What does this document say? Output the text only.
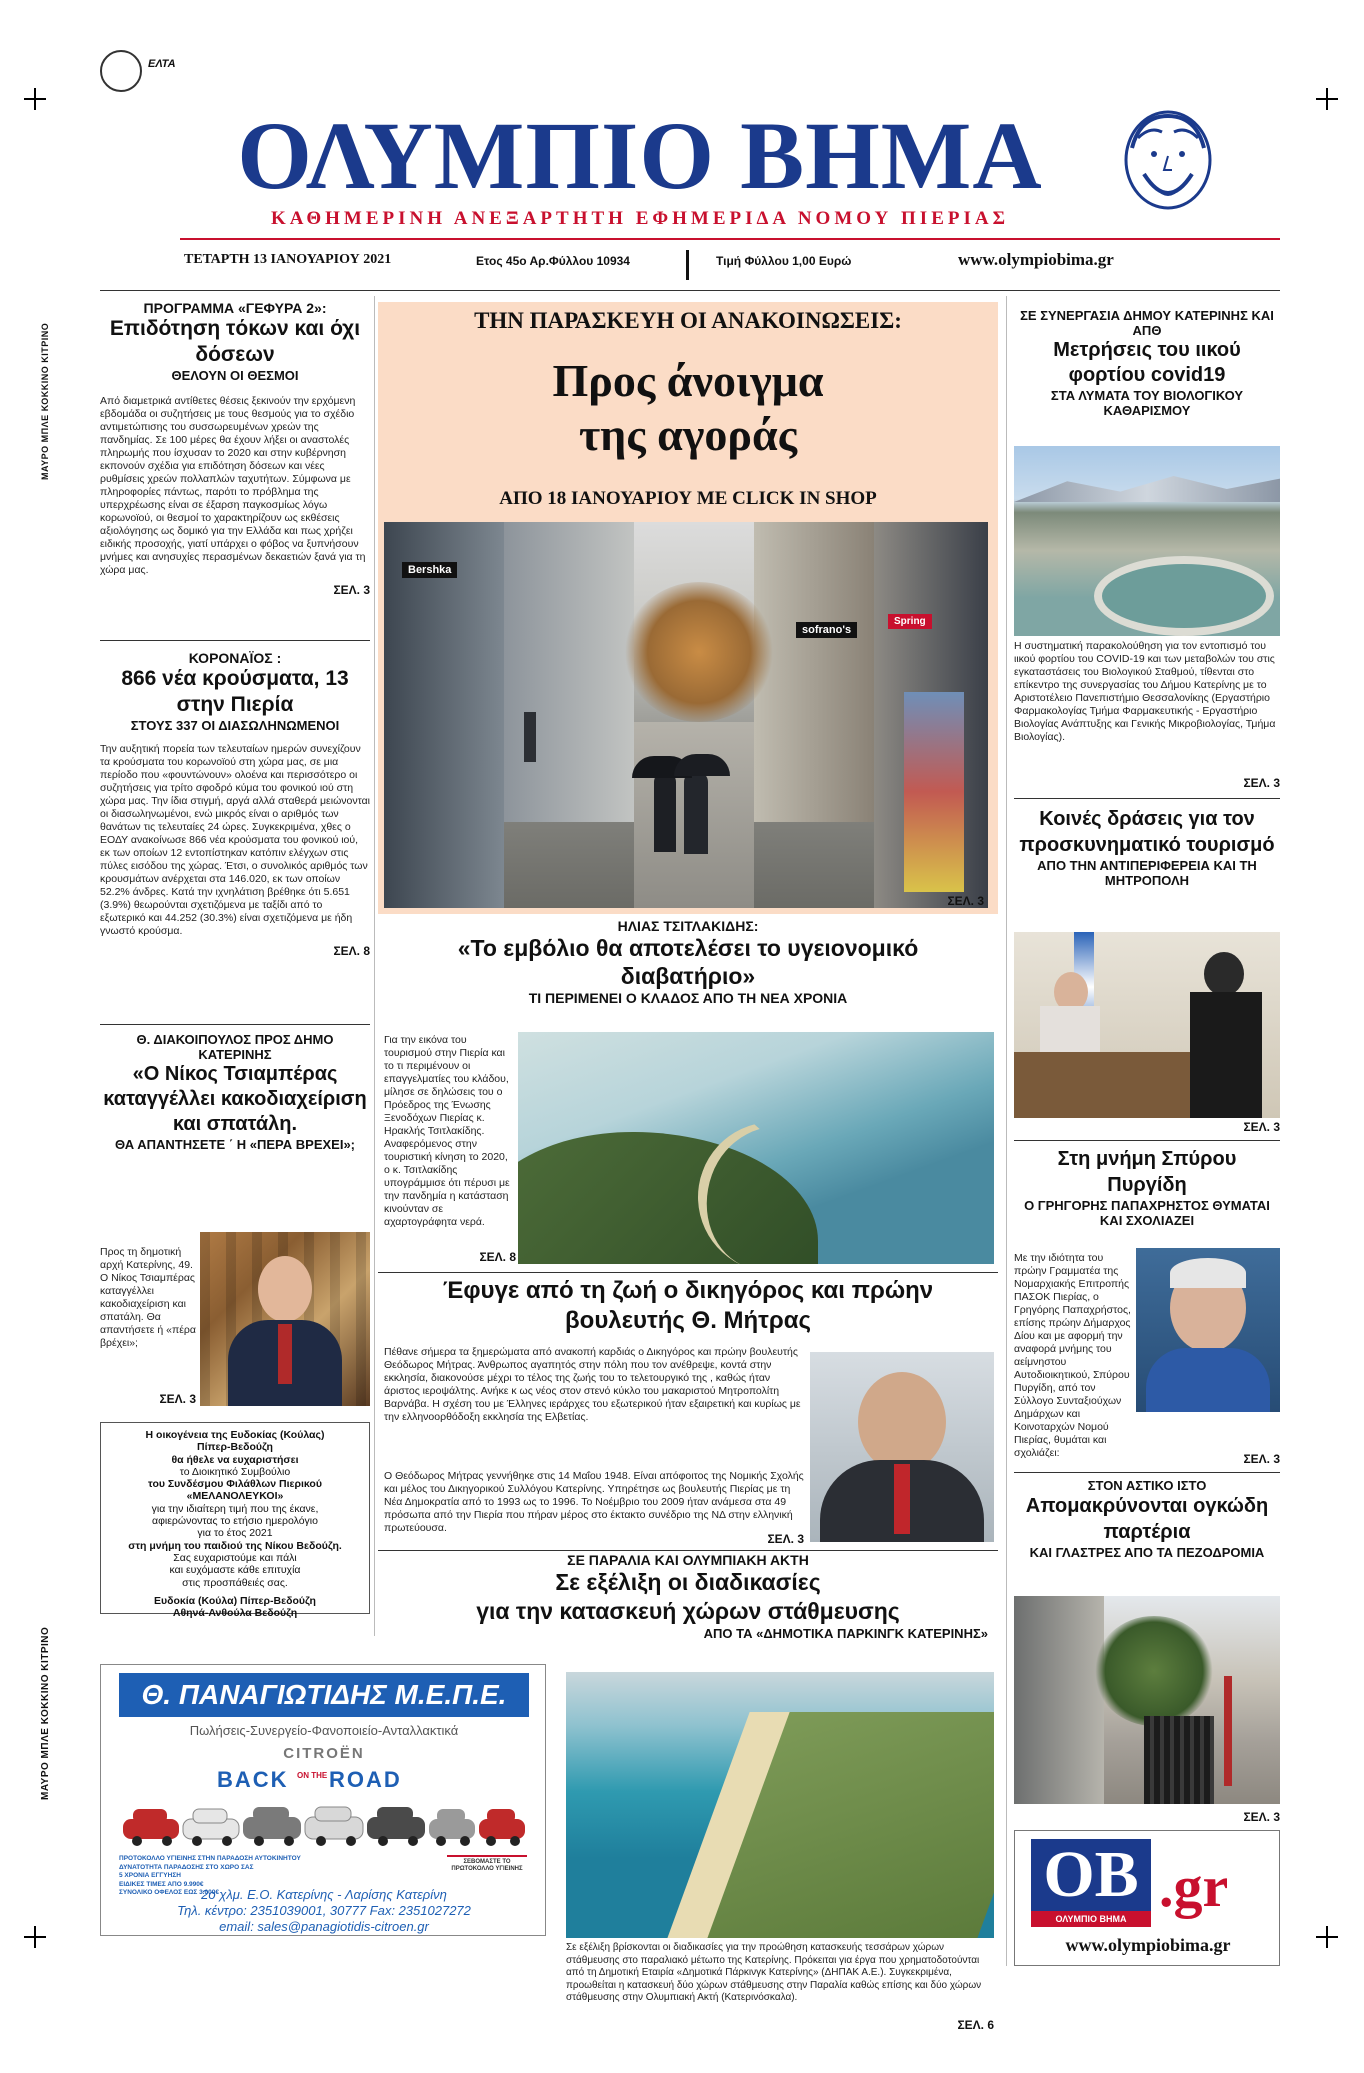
ΜΑΥΡΟ ΜΠΛΕ ΚΟΚΚΙΝΟ ΚΙΤΡΙΝΟ
ΜΑΥΡΟ ΜΠΛΕ ΚΟΚΚΙΝΟ ΚΙΤΡΙΝΟ
ΕΛΤΑ
ΟΛΥΜΠΙΟ ΒΗΜΑ
ΚΑΘΗΜΕΡΙΝΗ ΑΝΕΞΑΡΤΗΤΗ ΕΦΗΜΕΡΙΔΑ ΝΟΜΟΥ ΠΙΕΡΙΑΣ
ΤΕΤΑΡΤΗ 13 ΙΑΝΟΥΑΡΙΟΥ 2021	Ετος 45ο Αρ.Φύλλου 10934	Τιμή Φύλλου 1,00 Ευρώ	www.olympiobima.gr
ΠΡΟΓΡΑΜΜΑ «ΓΕΦΥΡΑ 2»:
Επιδότηση τόκων και όχι δόσεων
ΘΕΛΟΥΝ ΟΙ ΘΕΣΜΟΙ
Από διαμετρικά αντίθετες θέσεις ξεκινούν την ερχόμενη εβδομάδα οι συζητήσεις με τους θεσμούς για το σχέδιο αντιμετώπισης του συσσωρευμένων χρεών της πανδημίας. Σε 100 μέρες θα έχουν λήξει οι αναστολές πληρωμής που ίσχυσαν το 2020 και στην κυβέρνηση εκπονούν σχέδια για επιδότηση δόσεων και νέες ρυθμίσεις χρεών πολλαπλών ταχυτήτων. Σύμφωνα με πληροφορίες πάντως, παρότι το πρόβλημα της υπερχρέωσης είναι σε έξαρση παγκοσμίως λόγω κορωνοϊού, οι θεσμοί το χαρακτηρίζουν ως εκθέσεις αξιολόγησης ως δομικό για την Ελλάδα και πως χρήζει ειδικής προσοχής, γιατί υπάρχει ο φόβος να ξυπνήσουν μνήμες και ανησυχίες περασμένων δεκαετιών ξανά για τη χώρα μας.
ΣΕΛ. 3
ΚΟΡΟΝΑΪΟΣ :
866 νέα κρούσματα, 13 στην Πιερία
ΣΤΟΥΣ 337 ΟΙ ΔΙΑΣΩΛΗΝΩΜΕΝΟΙ
Την αυξητική πορεία των τελευταίων ημερών συνεχίζουν τα κρούσματα του κορωνοϊού στη χώρα μας, σε μια περίοδο που «φουντώνουν» ολοένα και περισσότερο οι συζητήσεις για τρίτο σφοδρό κύμα του φονικού ιού στη χώρα μας. Την ίδια στιγμή, αργά αλλά σταθερά μειώνονται οι διασωληνωμένοι, ενώ μικρός είναι ο αριθμός των θανάτων τις τελευταίες 24 ώρες. Συγκεκριμένα, χθες ο ΕΟΔΥ ανακοίνωσε 866 νέα κρούσματα του φονικού ιού, εκ των οποίων 12 εντοπίστηκαν κατόπιν ελέγχων στις πύλες εισόδου της χώρας. Έτσι, ο συνολικός αριθμός των κρουσμάτων ανέρχεται στα 146.020, εκ των οποίων 52.2% άνδρες. Κατά την ιχνηλάτιση βρέθηκε ότι 5.651 (3.9%) θεωρούνται σχετιζόμενα με ταξίδι από το εξωτερικό και 44.252 (30.3%) είναι σχετιζόμενα με ήδη γνωστό κρούσμα.
ΣΕΛ. 8
Θ. ΔΙΑΚΟΙΠΟΥΛΟΣ ΠΡΟΣ ΔΗΜΟ ΚΑΤΕΡΙΝΗΣ
«Ο Νίκος Τσιαμπέρας καταγγέλλει κακοδιαχείριση και σπατάλη.
ΘΑ ΑΠΑΝΤΗΣΕΤΕ ΄ Η «ΠΕΡΑ ΒΡΕΧΕΙ»;
Προς τη δημοτική αρχή Κατερίνης, 49. Ο Νίκος Τσιαμπέρας καταγγέλλει κακοδιαχείριση και σπατάλη. Θα απαντήσετε ή «πέρα βρέχει»;
ΣΕΛ. 3
Η οικογένεια της Ευδοκίας (Κούλας)
Πίπερ-Βεδούζη
θα ήθελε να ευχαριστήσει
το Διοικητικό Συμβούλιο
του Συνδέσμου Φιλάθλων Πιερικού
«ΜΕΛΑΝΟΛΕΥΚΟΙ»
για την ιδιαίτερη τιμή που της έκανε,
αφιερώνοντας το ετήσιο ημερολόγιο
για το έτος 2021
στη μνήμη του παιδιού της Νίκου Βεδούζη.
Σας ευχαριστούμε και πάλι
και ευχόμαστε κάθε επιτυχία
στις προσπάθειές σας.
Ευδοκία (Κούλα) Πίπερ-Βεδούζη
Αθηνά-Ανθούλα Βεδούζη
Θ. ΠΑΝΑΓΙΩΤΙΔΗΣ Μ.Ε.Π.Ε.
Πωλήσεις-Συνεργείο-Φανοποιείο-Ανταλλακτικά
CITROËN
BACK ON THE ROAD
ΠΡΟΤΟΚΟΛΛΟ ΥΓΙΕΙΝΗΣ ΣΤΗΝ ΠΑΡΑΔΟΣΗ ΑΥΤΟΚΙΝΗΤΟΥ
ΔΥΝΑΤΟΤΗΤΑ ΠΑΡΑΔΟΣΗΣ ΣΤΟ ΧΩΡΟ ΣΑΣ
5 ΧΡΟΝΙΑ ΕΓΓΥΗΣΗ
ΕΙΔΙΚΕΣ ΤΙΜΕΣ ΑΠΟ 9.990€
ΣΥΝΟΛΙΚΟ ΟΦΕΛΟΣ ΕΩΣ 3.000€
ΣΕΒΟΜΑΣΤΕ ΤΟ ΠΡΩΤΟΚΟΛΛΟ ΥΓΙΕΙΝΗΣ
2ο χλμ. Ε.Ο. Κατερίνης - Λαρίσης Κατερίνη
Τηλ. κέντρο: 2351039001, 30777 Fax: 2351027272
email: sales@panagiotidis-citroen.gr
ΤΗΝ ΠΑΡΑΣΚΕΥΗ ΟΙ ΑΝΑΚΟΙΝΩΣΕΙΣ:
Προς άνοιγμα
της αγοράς
ΑΠΟ 18 ΙΑΝΟΥΑΡΙΟΥ ΜΕ CLICK IN SHOP
Bershka
sofrano's
Spring
ΣΕΛ. 3
ΗΛΙΑΣ ΤΣΙΤΛΑΚΙΔΗΣ:
«Το εμβόλιο θα αποτελέσει το υγειονομικό διαβατήριο»
ΤΙ ΠΕΡΙΜΕΝΕΙ Ο ΚΛΑΔΟΣ ΑΠΟ ΤΗ ΝΕΑ ΧΡΟΝΙΑ
Για την εικόνα του τουρισμού στην Πιερία και το τι περιμένουν οι επαγγελματίες του κλάδου, μίλησε σε δηλώσεις του ο Πρόεδρος της Ένωσης Ξενοδόχων Πιερίας κ. Ηρακλής Τσιτλακίδης. Αναφερόμενος στην τουριστική κίνηση το 2020, ο κ. Τσιτλακίδης υπογράμμισε ότι πέρυσι με την πανδημία η κατάσταση κινούνταν σε αχαρτογράφητα νερά.
ΣΕΛ. 8
Έφυγε από τη ζωή ο δικηγόρος και πρώην βουλευτής Θ. Μήτρας
Πέθανε σήμερα τα ξημερώματα από ανακοπή καρδιάς ο Δικηγόρος και πρώην βουλευτής Θεόδωρος Μήτρας. Άνθρωπος αγαπητός στην πόλη που τον ανέθρεψε, κοντά στην εκκλησία, διακονούσε μέχρι το τέλος της ζωής του το τελετουργικό της , καθώς ήταν άριστος ιεροψάλτης. Ανήκε κ ως νέος στον στενό κύκλο του μακαριστού Μητροπολίτη Βαρνάβα. Η σχέση του με Έλληνες ιεράρχες του εξωτερικού ήταν εξαιρετική και κυρίως με την ελληνοορθόδοξη εκκλησία της Ελβετίας.
Ο Θεόδωρος Μήτρας γεννήθηκε στις 14 Μαΐου 1948. Είναι απόφοιτος της Νομικής Σχολής και μέλος του Δικηγορικού Συλλόγου Κατερίνης. Υπηρέτησε ως βουλευτής Πιερίας με τη Νέα Δημοκρατία από το 1993 ως το 1996. Το Νοέμβριο του 2009 ήταν ανάμεσα στα 49 πρόσωπα από την Πιερία που πήραν μέρος στο έκτακτο συνέδριο της ΝΔ στην ελληνική πρωτεύουσα.
ΣΕΛ. 3
ΣΕ ΠΑΡΑΛΙΑ ΚΑΙ ΟΛΥΜΠΙΑΚΗ ΑΚΤΗ
Σε εξέλιξη οι διαδικασίες
για την κατασκευή χώρων στάθμευσης
ΑΠΟ ΤΑ «ΔΗΜΟΤΙΚΑ ΠΑΡΚΙΝΓΚ ΚΑΤΕΡΙΝΗΣ»
Σε εξέλιξη βρίσκονται οι διαδικασίες για την προώθηση κατασκευής τεσσάρων χώρων στάθμευσης στο παραλιακό μέτωπο της Κατερίνης. Πρόκειται για έργα που χρηματοδοτούνται από τη Δημοτική Εταιρία «Δημοτικά Πάρκινγκ Κατερίνης» (ΔΗΠΑΚ Α.Ε.). Συγκεκριμένα, προωθείται η κατασκευή δύο χώρων στάθμευσης στην Παραλία καθώς επίσης και δύο χώρων στάθμευσης στην Ολυμπιακή Ακτή (Κατερινόσκαλα).
ΣΕΛ. 6
ΣΕ ΣΥΝΕΡΓΑΣΙΑ ΔΗΜΟΥ ΚΑΤΕΡΙΝΗΣ ΚΑΙ ΑΠΘ
Μετρήσεις του ιικού φορτίου covid19
ΣΤΑ ΛΥΜΑΤΑ ΤΟΥ ΒΙΟΛΟΓΙΚΟΥ ΚΑΘΑΡΙΣΜΟΥ
Η συστηματική παρακολούθηση για τον εντοπισμό του ιικού φορτίου του COVID-19 και των μεταβολών του στις εγκαταστάσεις του Βιολογικού Σταθμού, τίθενται στο επίκεντρο της συνεργασίας του Δήμου Κατερίνης με το Αριστοτέλειο Πανεπιστήμιο Θεσσαλονίκης (Εργαστήριο Φαρμακολογίας Τμήμα Φαρμακευτικής - Εργαστήριο Βιολογίας Ανάπτυξης και Γενικής Μικροβιολογίας, Τμήμα Βιολογίας).
ΣΕΛ. 3
Κοινές δράσεις για τον προσκυνηματικό τουρισμό
ΑΠΟ ΤΗΝ ΑΝΤΙΠΕΡΙΦΕΡΕΙΑ ΚΑΙ ΤΗ ΜΗΤΡΟΠΟΛΗ
ΣΕΛ. 3
Στη μνήμη Σπύρου Πυργίδη
Ο ΓΡΗΓΟΡΗΣ ΠΑΠΑΧΡΗΣΤΟΣ ΘΥΜΑΤΑΙ ΚΑΙ ΣΧΟΛΙΑΖΕΙ
Με την ιδιότητα του πρώην Γραμματέα της Νομαρχιακής Επιτροπής ΠΑΣΟΚ Πιερίας, ο Γρηγόρης Παπαχρήστος, επίσης πρώην Δήμαρχος Δίου και με αφορμή την αναφορά μνήμης του αείμνηστου Αυτοδιοικητικού, Σπύρου Πυργίδη, από τον Σύλλογο Συνταξιούχων Δημάρχων και Κοινοταρχών Νομού Πιερίας, θυμάται και σχολιάζει:	ΣΕΛ. 3
ΣΤΟΝ ΑΣΤΙΚΟ ΙΣΤΟ
Απομακρύνονται ογκώδη παρτέρια
ΚΑΙ ΓΛΑΣΤΡΕΣ ΑΠΟ ΤΑ ΠΕΖΟΔΡΟΜΙΑ
ΣΕΛ. 3
OB
ΟΛΥΜΠΙΟ ΒΗΜΑ .gr
www.olympiobima.gr
